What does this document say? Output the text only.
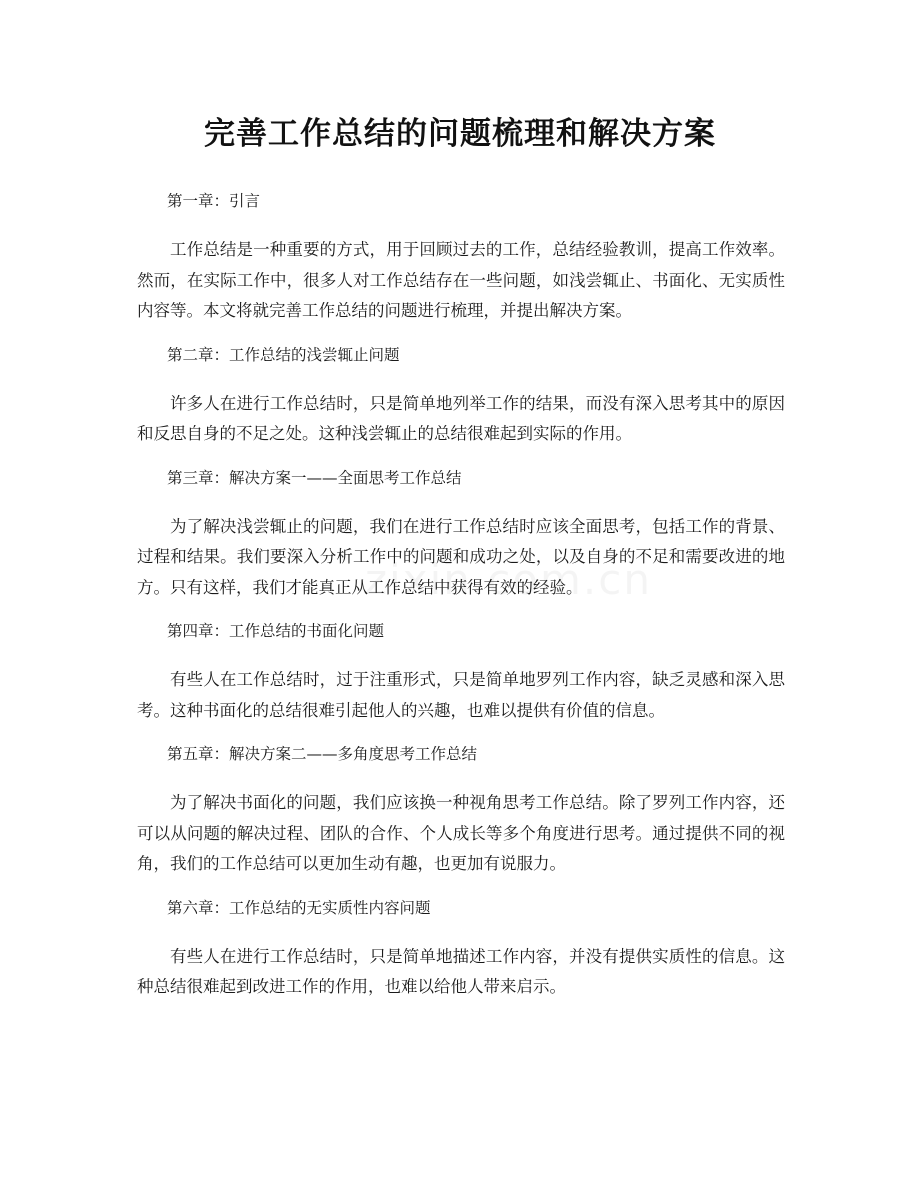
完善工作总结的问题梳理和解决方案

第一章：引言

工作总结是一种重要的方式，用于回顾过去的工作，总结经验教训，提高工作效率。然而，在实际工作中，很多人对工作总结存在一些问题，如浅尝辄止、书面化、无实质性内容等。本文将就完善工作总结的问题进行梳理，并提出解决方案。

第二章：工作总结的浅尝辄止问题

许多人在进行工作总结时，只是简单地列举工作的结果，而没有深入思考其中的原因和反思自身的不足之处。这种浅尝辄止的总结很难起到实际的作用。

第三章：解决方案一——全面思考工作总结

为了解决浅尝辄止的问题，我们在进行工作总结时应该全面思考，包括工作的背景、过程和结果。我们要深入分析工作中的问题和成功之处，以及自身的不足和需要改进的地方。只有这样，我们才能真正从工作总结中获得有效的经验。

第四章：工作总结的书面化问题

有些人在工作总结时，过于注重形式，只是简单地罗列工作内容，缺乏灵感和深入思考。这种书面化的总结很难引起他人的兴趣，也难以提供有价值的信息。

第五章：解决方案二——多角度思考工作总结

为了解决书面化的问题，我们应该换一种视角思考工作总结。除了罗列工作内容，还可以从问题的解决过程、团队的合作、个人成长等多个角度进行思考。通过提供不同的视角，我们的工作总结可以更加生动有趣，也更加有说服力。

第六章：工作总结的无实质性内容问题

有些人在进行工作总结时，只是简单地描述工作内容，并没有提供实质性的信息。这种总结很难起到改进工作的作用，也难以给他人带来启示。
